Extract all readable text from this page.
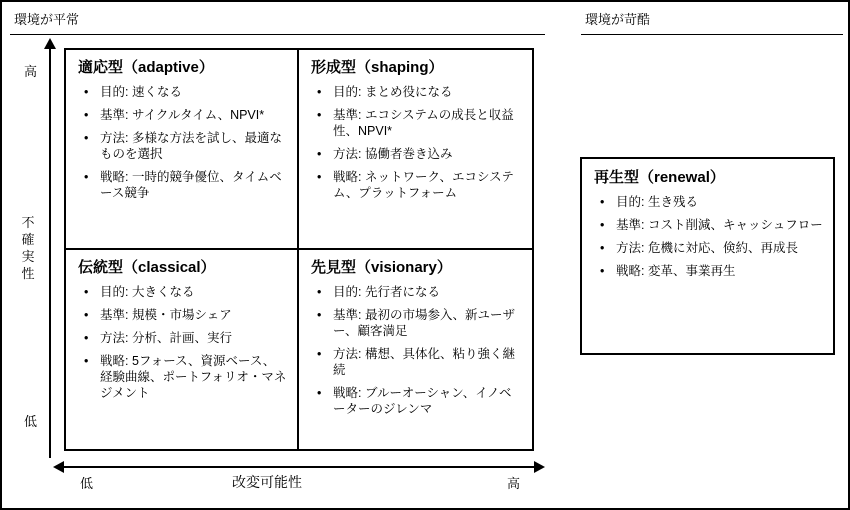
環境が平常	環境が苛酷
高
低
不確実性
低	高
改変可能性
適応型（adaptive）
• 目的: 速くなる
• 基準: サイクルタイム、NPVI*
• 方法: 多様な方法を試し、最適なものを選択
• 戦略: 一時的競争優位、タイムベース競争
形成型（shaping）
• 目的: まとめ役になる
• 基準: エコシステムの成長と収益性、NPVI*
• 方法: 協働者巻き込み
• 戦略: ネットワーク、エコシステム、プラットフォーム
伝統型（classical）
• 目的: 大きくなる
• 基準: 規模・市場シェア
• 方法: 分析、計画、実行
• 戦略: 5フォース、資源ベース、経験曲線、ポートフォリオ・マネジメント
先見型（visionary）
• 目的: 先行者になる
• 基準: 最初の市場参入、新ユーザー、顧客満足
• 方法: 構想、具体化、粘り強く継続
• 戦略: ブルーオーシャン、イノベーターのジレンマ
再生型（renewal）
• 目的: 生き残る
• 基準: コスト削減、キャッシュフロー
• 方法: 危機に対応、倹約、再成長
• 戦略: 変革、事業再生
